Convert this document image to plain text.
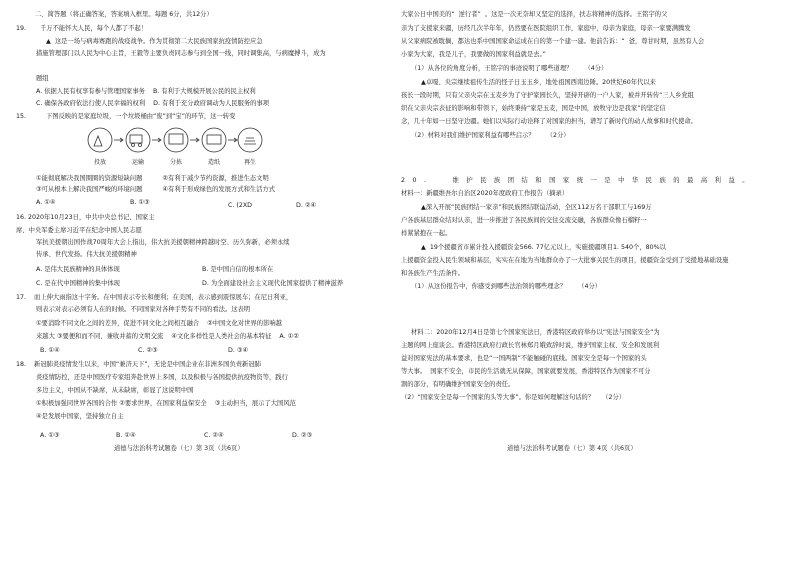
二、简答题（将正确答案，答案填入框里。每题 6分，共12分）
19. 千万不能怀大人民，每个人都了不起！
▲  这是一场与病毒赛跑的战疫战争。作为贯彻第二大民族国家抗疫情防控应急
措施管理部门以人民为中心主旨，王毅等主要负责同志参与到全国一线，同时调集高，与病魔搏斗，成为
题组
A. 依据人民有权享有参与管理国家事务    B. 有利于大规模开展公民的民主权利
C. 确保各政府依法行使人民幸福的权利    D. 有利于充分政府调动为人民服务的事项
15.	下图反映的是家庭垃圾，一个垃圾桶由“废”到“宝”的环节，这一转变
投放	运输	分拣	造纸	再生
①能彻底解决我国圈圈的资源短缺问题          ②有利于减少节约资源，推进生态文明
③可从根本上解决我国严峻的环境问题          ④有利于形成绿色的发展方式和生活方式
A. ①④	B. ①③	C. (2XD	D. ②④
16. 2020年10月23日，中共中央总书记、国家主
席、中央军委主席习近平在纪念中国人民志愿
军抗美援朝出国作战70周年大会上指出，伟大抗美援朝精神跨越时空、历久弥新，必须永续
传承、世代发扬。伟大抗美援朝精神
A. 是伟大民族精神的具体体现	B. 是中国自信的根本所在
C. 是在代中国精神的集中体现	D. 为全面建设社会主义现代化国家提供了精神滋养
17.    而上伸大雨指这十字务。在中国表示专长和便利；在美国，表示感到震惊展车；在尼日利亚，
则表示对表示必须有人在的时候。不同国家对各种手势有不同的看法。这表明
①要消除不同文化之间的差异，促进不同文化之间相互融合    ②中国文化对世界的影响越
来越大 ③要便和而不同、兼收并蓄的文明交流    ④文化多样性是人类社会的基本特征    A. ①②
B. ①④	C. ②③	D. ③④
18.    新冠肺炎疫情发生以来，中国“兼济天下”，无论是中国企业在非洲多国负责新冠肺
炎疫情防控，还是中国医疗专家组奔赴世界上多国，以及积极与各国提供抗疫物资等，践行
多边主义，中国从不缺席，从未缺席，彰显了这说明中国
①积极加强同世界各国的合作 ②要求世界，在国家利益保安全    ③主动担当，展示了大国风范
④是发展中国家，坚持独立自主
A. ①③	B. ①④	C. ②④	D. ②③
道德与法治科考试题卷（七）第 3页（共6页）
大家公日中国美的“  逆行者”  。这是一次无奈却又坚定的选择，扶志将精神的选择。王铭宇的父
亲为了支援家来疆，历经几次半年年，仍然要在医院组织工作，家庭中，母亲为家庭，母亲一家要满腾发
从父家病院被耽搁，都达也系中国国家命运成在自的第一个建一建。他前告诉：“  爸，尊甘时期，虽然有人会
小家为大家，我是儿子，我要做的国家利益就是去。”
（1）从各位的角度分析，王铭宇的事迹说明了哪些道理？      （4分）
▲卓嘎、央宗继续祖传生活的怪子日玉玉乡，地处祖国西南边陲。20世纪60年代以来
孩长一段时期，只有父亲央宗在玉麦乡为了守护家园长久，坚持开辟的一户人家，被并开转传“三人乡党组
织在父亲央宗表征的影响和带领下，始终秉持“家是玉麦，国是中国，放牧守边是我家”的坚定信
念，几十年如一日坚守边疆。她们以实际行动诠释了对国家的担当，谱写了新时代的动人故事和时代使命。
（2）材料对我们维护国家利益有哪些启示？      （2分）
20.  维护民族团结和国家统一是中华民族的最高利益。
材料一：新疆维吾尔自治区2020年度政府工作报告（摘录）
▲深入开展“民族团结一家亲”和民族团结联谊活动，全区112万名干部职工与169万
户各族基层群众结对认亲，进一步推进了各民族间的交往交流交融，各族群众像石榴籽一
样紧紧抱在一起。
▲  19个援疆省市累计投入援疆资金566. 77亿元以上，实施援疆项目1. 540个，80%以
上援疆资金投入民生领域和基层，实实在在地为当地群众办了一大批事关民生的项目，援疆资金受到了受援地基础设施
和各族生产生活条件。
（1）从这份报告中，你感受到哪些法治领的哪些理念？      （4分）
材料二：2020年12月4日是第七个国家宪法日，香港特区政府举办以“宪法与国家安全”为
主题的网上座谈会。香港特区政府行政长官林郑月娥致辞时说，维护国家主权、安全和发展利
益对国家宪法的基本要求，也是“一国两制”不能触碰的底线。国家安全是每一个国家的头
等大事。  国家不安全，市民的生活就无从保障，国家就要发展，香港特区作为国家不可分
割的部分，有明确维护国家安全的责任。
（2）“国家安全是每一个国家的头等大事”。你是如何理解这句话的？    （2分）
道德与法治科考试题卷（七）第 4页（共6页）
